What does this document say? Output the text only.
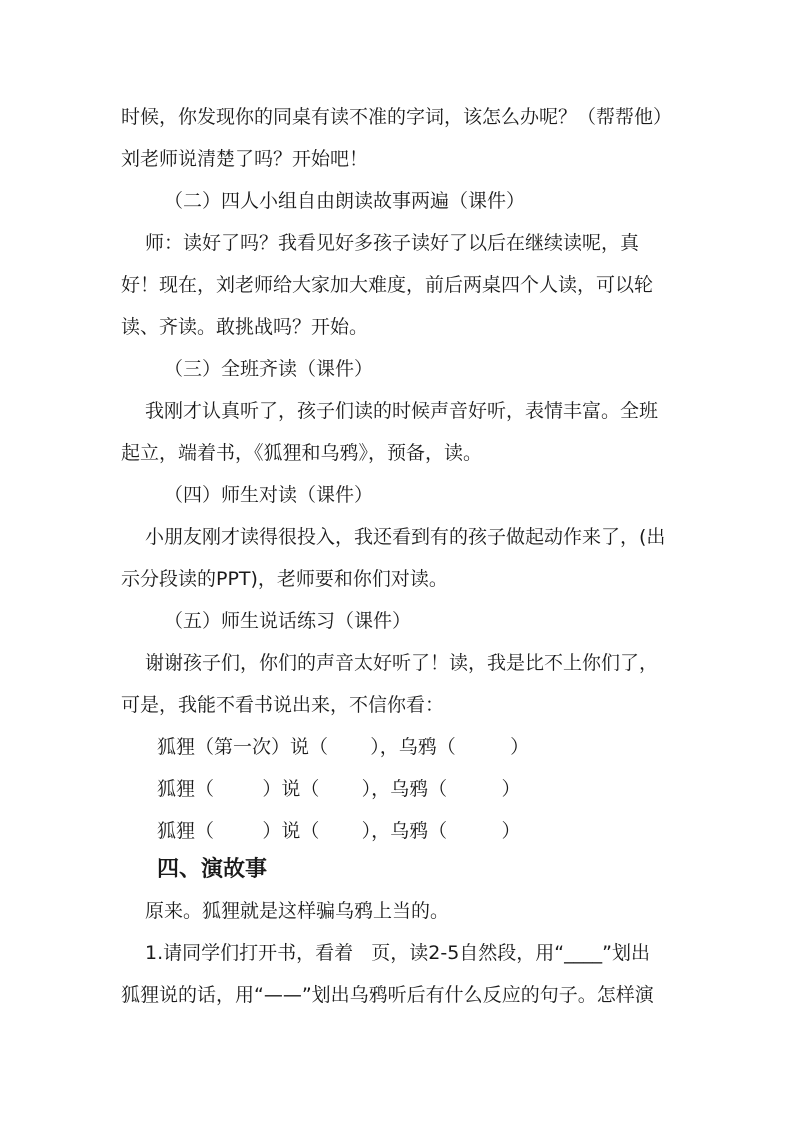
时候，你发现你的同桌有读不准的字词，该怎么办呢？（帮帮他）
刘老师说清楚了吗？开始吧！
（二）四人小组自由朗读故事两遍（课件）
师：读好了吗？我看见好多孩子读好了以后在继续读呢，真
好！现在，刘老师给大家加大难度，前后两桌四个人读，可以轮
读、齐读。敢挑战吗？开始。
（三）全班齐读（课件）
我刚才认真听了，孩子们读的时候声音好听，表情丰富。全班
起立，端着书，《狐狸和乌鸦》，预备，读。
（四）师生对读（课件）
小朋友刚才读得很投入，我还看到有的孩子做起动作来了，(出
示分段读的PPT)，老师要和你们对读。
（五）师生说话练习（课件）
谢谢孩子们，你们的声音太好听了！读，我是比不上你们了，
可是，我能不看书说出来，不信你看：
狐狸（第一次）说（       ），乌鸦（         ）
狐狸（        ）说（       ），乌鸦（         ）
狐狸（        ）说（       ），乌鸦（         ）
四、演故事
原来。狐狸就是这样骗乌鸦上当的。
1.请同学们打开书，看着   页，读2-5自然段，用“____”划出
狐狸说的话，用“——”划出乌鸦听后有什么反应的句子。怎样演
